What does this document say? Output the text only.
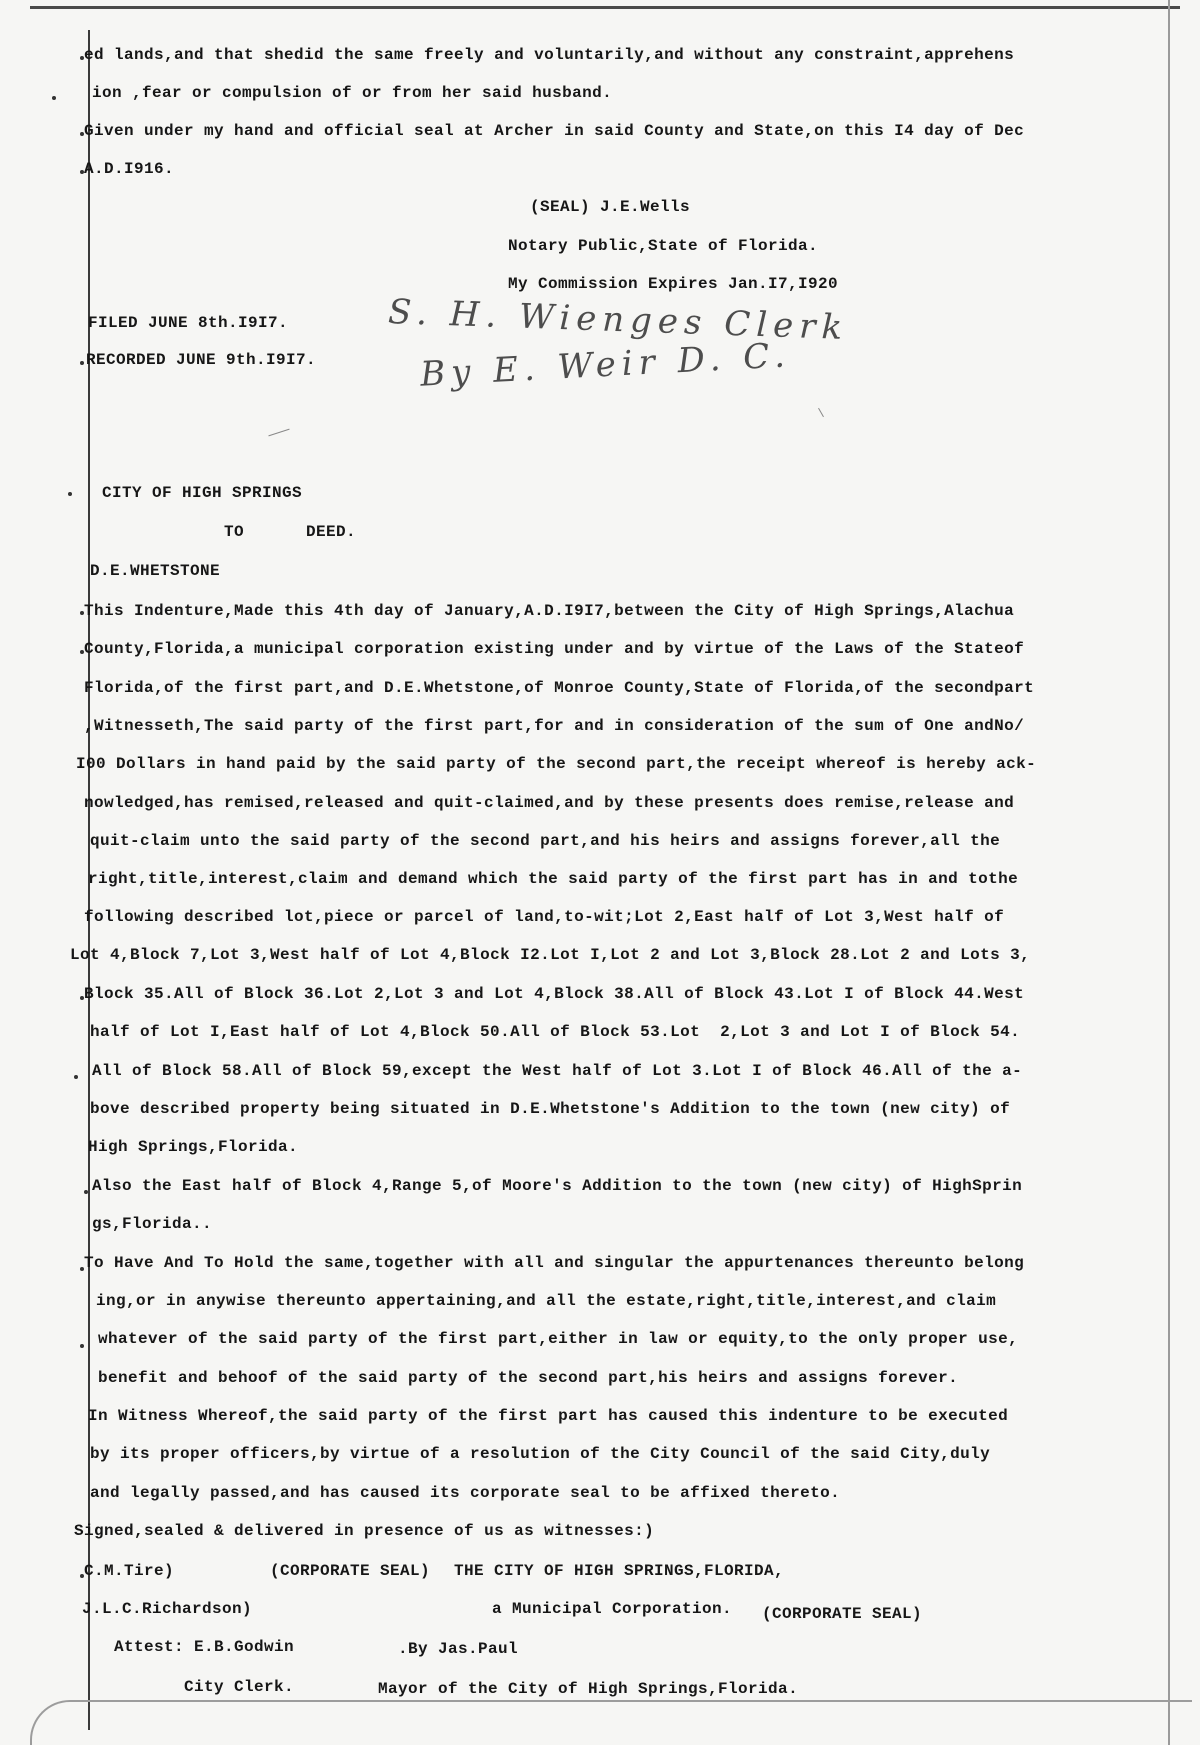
ed lands,and that shedid the same freely and voluntarily,and without any constraint,apprehens
ion ,fear or compulsion of or from her said husband.
Given under my hand and official seal at Archer in said County and State,on this I4 day of Dec
A.D.I916.
(SEAL) J.E.Wells
Notary Public,State of Florida.
My Commission Expires Jan.I7,I920
FILED JUNE 8th.I9I7.
RECORDED JUNE 9th.I9I7.
S. H. Wienges Clerk
By E. Weir D. C.
CITY OF HIGH SPRINGS
TO	DEED.
D.E.WHETSTONE
This Indenture,Made this 4th day of January,A.D.I9I7,between the City of High Springs,Alachua
County,Florida,a municipal corporation existing under and by virtue of the Laws of the Stateof
Florida,of the first part,and D.E.Whetstone,of Monroe County,State of Florida,of the secondpart
,Witnesseth,The said party of the first part,for and in consideration of the sum of One andNo/
I00 Dollars in hand paid by the said party of the second part,the receipt whereof is hereby ack-
nowledged,has remised,released and quit-claimed,and by these presents does remise,release and
quit-claim unto the said party of the second part,and his heirs and assigns forever,all the
right,title,interest,claim and demand which the said party of the first part has in and tothe
following described lot,piece or parcel of land,to-wit;Lot 2,East half of Lot 3,West half of
Lot 4,Block 7,Lot 3,West half of Lot 4,Block I2.Lot I,Lot 2 and Lot 3,Block 28.Lot 2 and Lots 3,
Block 35.All of Block 36.Lot 2,Lot 3 and Lot 4,Block 38.All of Block 43.Lot I of Block 44.West
half of Lot I,East half of Lot 4,Block 50.All of Block 53.Lot  2,Lot 3 and Lot I of Block 54.
All of Block 58.All of Block 59,except the West half of Lot 3.Lot I of Block 46.All of the a-
bove described property being situated in D.E.Whetstone's Addition to the town (new city) of
High Springs,Florida.
Also the East half of Block 4,Range 5,of Moore's Addition to the town (new city) of HighSprin
gs,Florida..
To Have And To Hold the same,together with all and singular the appurtenances thereunto belong
ing,or in anywise thereunto appertaining,and all the estate,right,title,interest,and claim
whatever of the said party of the first part,either in law or equity,to the only proper use,
benefit and behoof of the said party of the second part,his heirs and assigns forever.
In Witness Whereof,the said party of the first part has caused this indenture to be executed
by its proper officers,by virtue of a resolution of the City Council of the said City,duly
and legally passed,and has caused its corporate seal to be affixed thereto.
Signed,sealed & delivered in presence of us as witnesses:)
C.M.Tire)	(CORPORATE SEAL) THE CITY OF HIGH SPRINGS,FLORIDA,
J.L.C.Richardson)	a Municipal Corporation. (CORPORATE SEAL)
Attest: E.B.Godwin	.By Jas.Paul
City Clerk.	Mayor of the City of High Springs,Florida.
